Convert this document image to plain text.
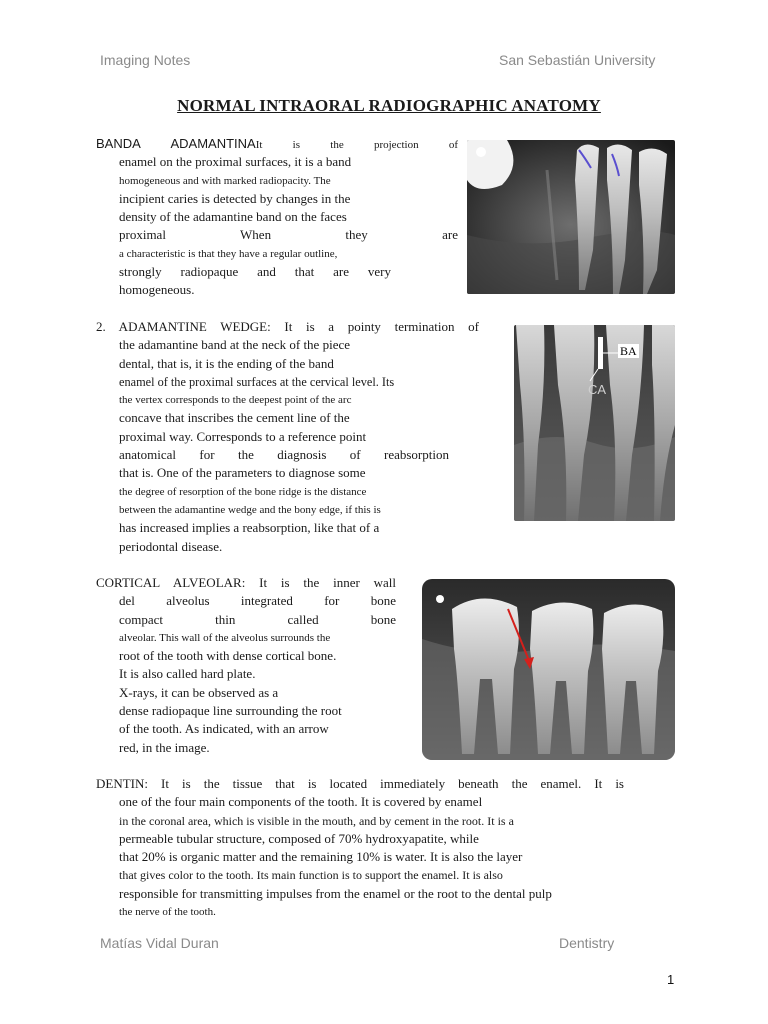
Imaging Notes	San Sebastián University
NORMAL INTRAORAL RADIOGRAPHIC ANATOMY
BANDA ADAMANTINAIt is the projection of
enamel on the proximal surfaces, it is a band
homogeneous and with marked radiopacity. The
incipient caries is detected by changes in the
density of the adamantine band on the faces
proximal When they are
a characteristic is that they have a regular outline,
strongly radiopaque and that are very
homogeneous.
2. ADAMANTINE WEDGE: It is a pointy termination of
the adamantine band at the neck of the piece
dental, that is, it is the ending of the band
enamel of the proximal surfaces at the cervical level. Its
the vertex corresponds to the deepest point of the arc
concave that inscribes the cement line of the
proximal way. Corresponds to a reference point
anatomical for the diagnosis of reabsorption
that is. One of the parameters to diagnose some
the degree of resorption of the bone ridge is the distance
between the adamantine wedge and the bony edge, if this is
has increased implies a reabsorption, like that of a
periodontal disease.
BA
CA
CORTICAL ALVEOLAR: It is the inner wall
del alveolus integrated for bone
compact thin called bone
alveolar. This wall of the alveolus surrounds the
root of the tooth with dense cortical bone.
It is also called hard plate.
X-rays, it can be observed as a
dense radiopaque line surrounding the root
of the tooth. As indicated, with an arrow
red, in the image.
DENTIN: It is the tissue that is located immediately beneath the enamel. It is
one of the four main components of the tooth. It is covered by enamel
in the coronal area, which is visible in the mouth, and by cement in the root. It is a
permeable tubular structure, composed of 70% hydroxyapatite, while
that 20% is organic matter and the remaining 10% is water. It is also the layer
that gives color to the tooth. Its main function is to support the enamel. It is also
responsible for transmitting impulses from the enamel or the root to the dental pulp
the nerve of the tooth.
Matías Vidal Duran	Dentistry
1
